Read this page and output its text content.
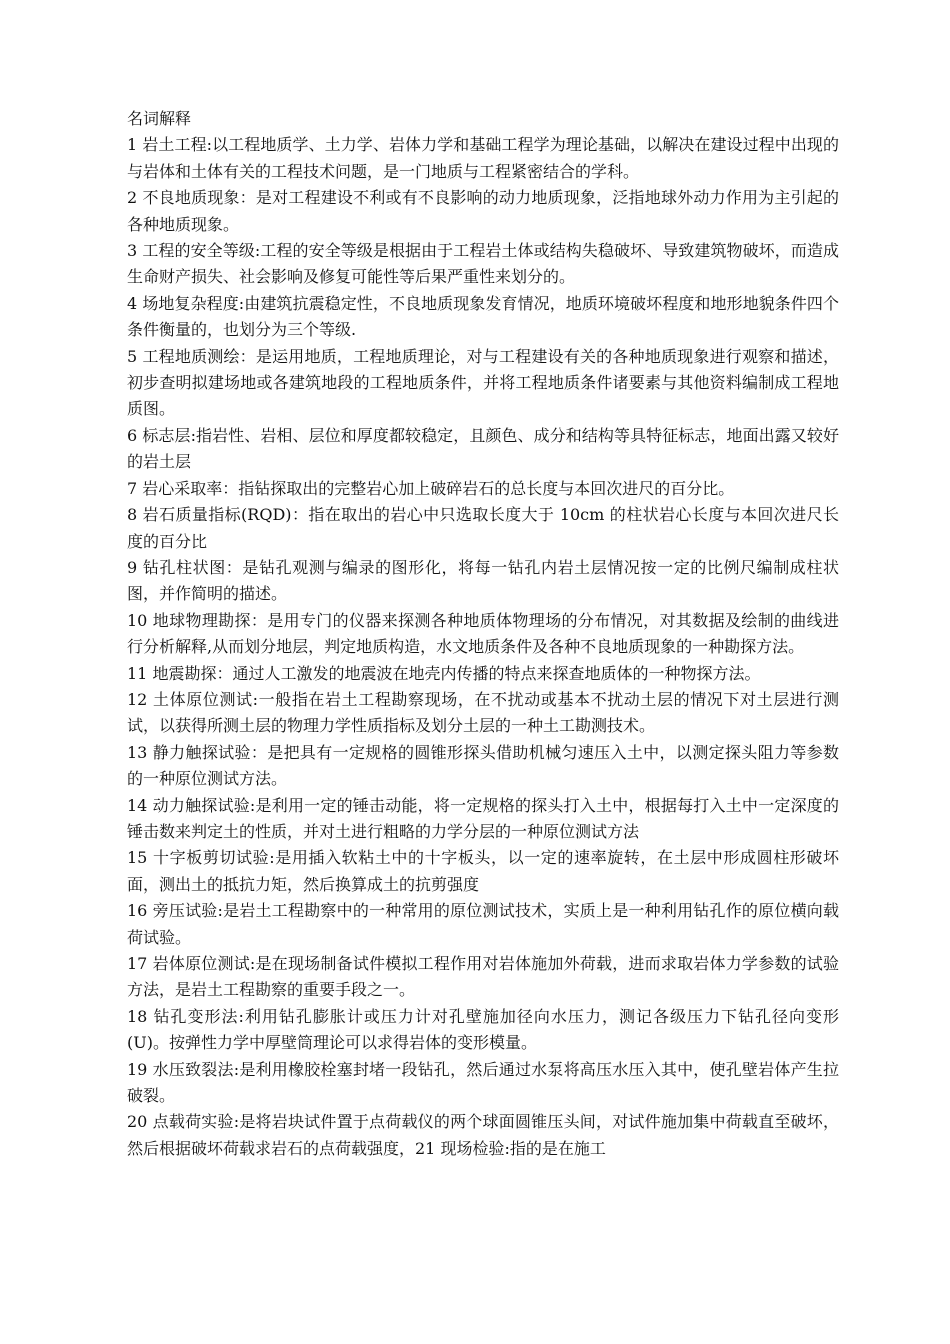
名词解释

1 岩土工程:以工程地质学、土力学、岩体力学和基础工程学为理论基础，以解决在建设过程中出现的与岩体和土体有关的工程技术问题，是一门地质与工程紧密结合的学科。

2 不良地质现象：是对工程建设不利或有不良影响的动力地质现象，泛指地球外动力作用为主引起的各种地质现象。

3 工程的安全等级:工程的安全等级是根据由于工程岩土体或结构失稳破坏、导致建筑物破坏，而造成生命财产损失、社会影响及修复可能性等后果严重性来划分的。

4 场地复杂程度:由建筑抗震稳定性，不良地质现象发育情况，地质环境破坏程度和地形地貌条件四个条件衡量的，也划分为三个等级.

5 工程地质测绘：是运用地质，工程地质理论，对与工程建设有关的各种地质现象进行观察和描述，初步查明拟建场地或各建筑地段的工程地质条件，并将工程地质条件诸要素与其他资料编制成工程地质图。

6 标志层:指岩性、岩相、层位和厚度都较稳定，且颜色、成分和结构等具特征标志，地面出露又较好的岩土层

7 岩心采取率：指钻探取出的完整岩心加上破碎岩石的总长度与本回次进尺的百分比。

8 岩石质量指标(RQD)：指在取出的岩心中只选取长度大于 10cm 的柱状岩心长度与本回次进尺长度的百分比

9 钻孔柱状图：是钻孔观测与编录的图形化，将每一钻孔内岩土层情况按一定的比例尺编制成柱状图，并作简明的描述。

10 地球物理勘探：是用专门的仪器来探测各种地质体物理场的分布情况，对其数据及绘制的曲线进行分析解释,从而划分地层，判定地质构造，水文地质条件及各种不良地质现象的一种勘探方法。

11 地震勘探：通过人工激发的地震波在地壳内传播的特点来探查地质体的一种物探方法。

12 土体原位测试:一般指在岩土工程勘察现场，在不扰动或基本不扰动土层的情况下对土层进行测试，以获得所测土层的物理力学性质指标及划分土层的一种土工勘测技术。

13 静力触探试验：是把具有一定规格的圆锥形探头借助机械匀速压入土中，以测定探头阻力等参数的一种原位测试方法。

14 动力触探试验:是利用一定的锤击动能，将一定规格的探头打入土中，根据每打入土中一定深度的锤击数来判定土的性质，并对土进行粗略的力学分层的一种原位测试方法

15 十字板剪切试验:是用插入软粘土中的十字板头，以一定的速率旋转，在土层中形成圆柱形破坏面，测出土的抵抗力矩，然后换算成土的抗剪强度

16 旁压试验:是岩土工程勘察中的一种常用的原位测试技术，实质上是一种利用钻孔作的原位横向载荷试验。

17 岩体原位测试:是在现场制备试件模拟工程作用对岩体施加外荷载，进而求取岩体力学参数的试验方法，是岩土工程勘察的重要手段之一。

18 钻孔变形法:利用钻孔膨胀计或压力计对孔壁施加径向水压力，测记各级压力下钻孔径向变形(U)。按弹性力学中厚壁筒理论可以求得岩体的变形模量。

19 水压致裂法:是利用橡胶栓塞封堵一段钻孔，然后通过水泵将高压水压入其中，使孔壁岩体产生拉破裂。

20 点载荷实验:是将岩块试件置于点荷载仪的两个球面圆锥压头间，对试件施加集中荷载直至破坏，然后根据破坏荷载求岩石的点荷载强度，21 现场检验:指的是在施工
